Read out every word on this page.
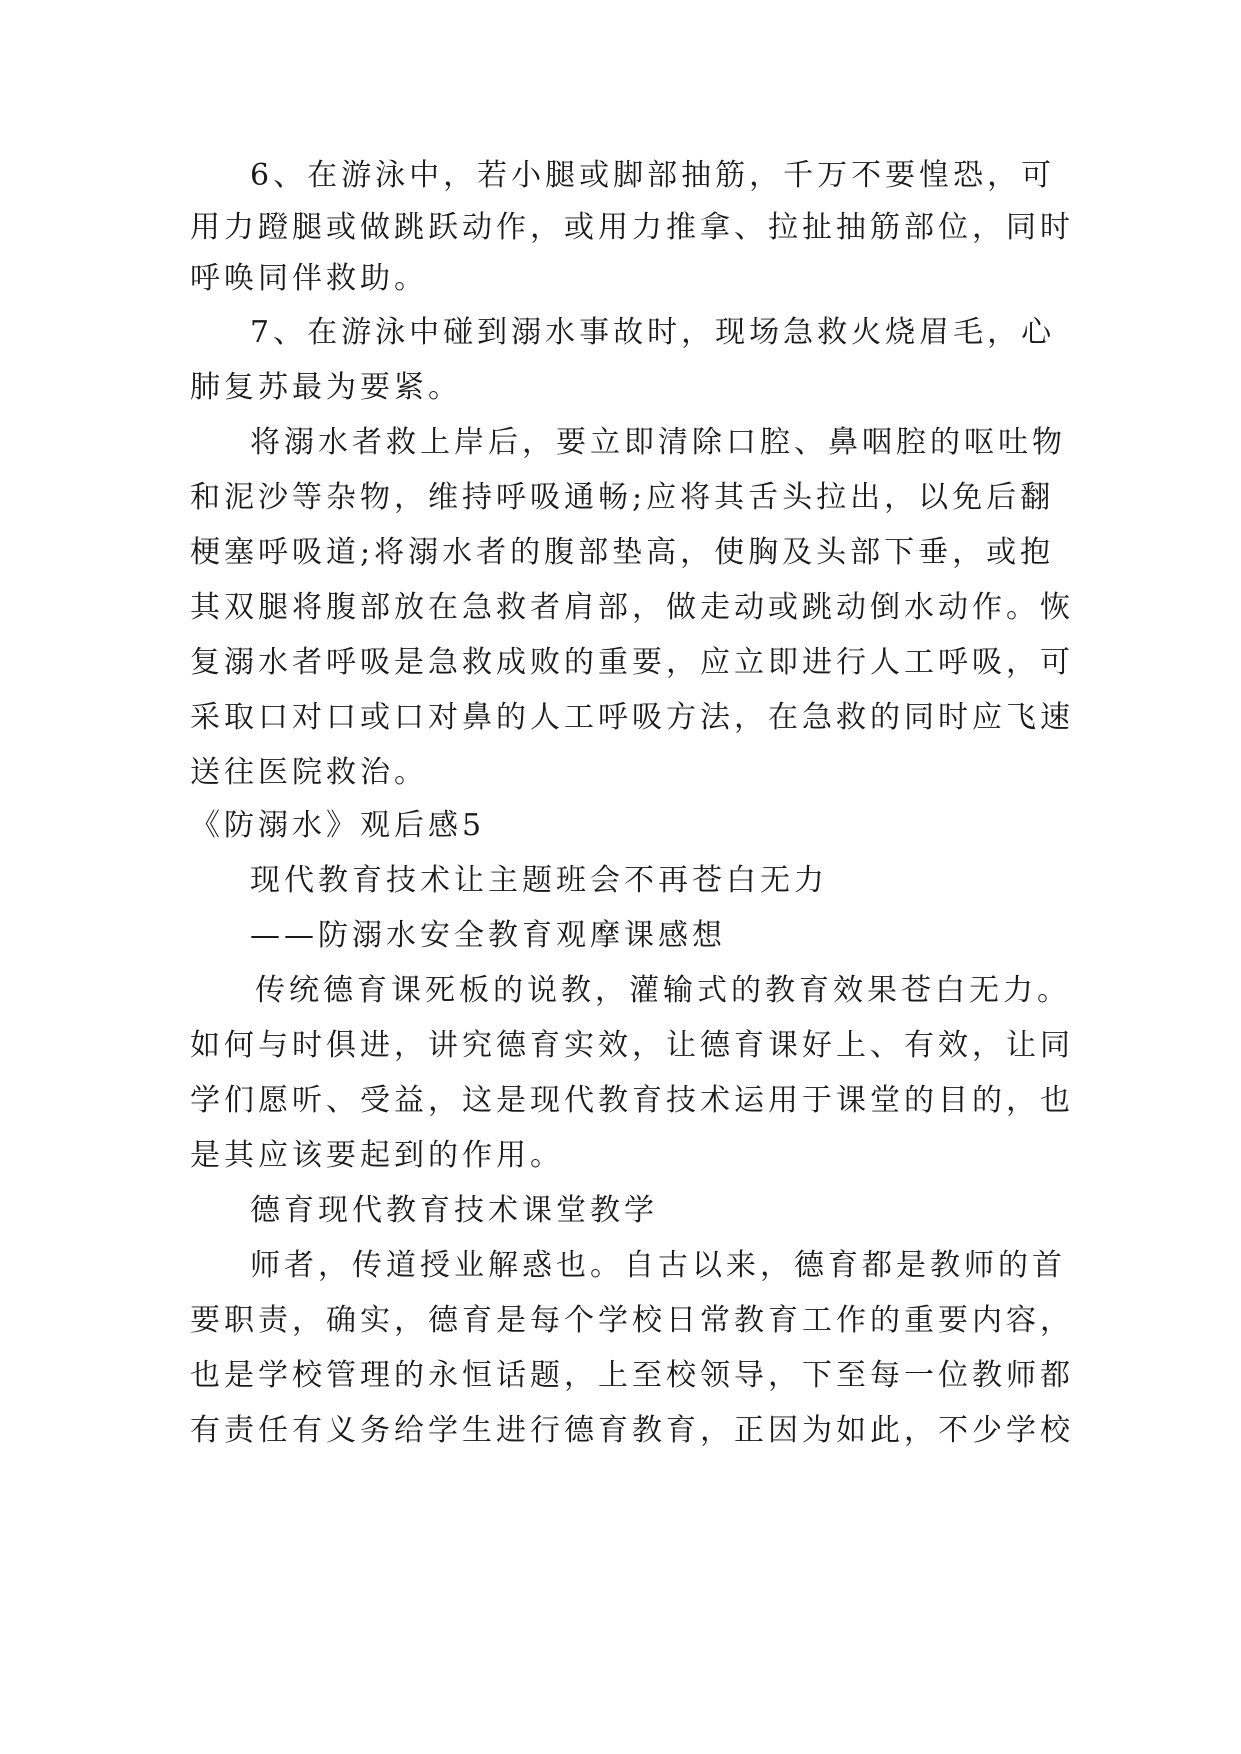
6、在游泳中，若小腿或脚部抽筋，千万不要惶恐，可
用力蹬腿或做跳跃动作，或用力推拿、拉扯抽筋部位，同时
呼唤同伴救助。
7、在游泳中碰到溺水事故时，现场急救火烧眉毛，心
肺复苏最为要紧。
将溺水者救上岸后，要立即清除口腔、鼻咽腔的呕吐物
和泥沙等杂物，维持呼吸通畅;应将其舌头拉出，以免后翻
梗塞呼吸道;将溺水者的腹部垫高，使胸及头部下垂，或抱
其双腿将腹部放在急救者肩部，做走动或跳动倒水动作。恢
复溺水者呼吸是急救成败的重要，应立即进行人工呼吸，可
采取口对口或口对鼻的人工呼吸方法，在急救的同时应飞速
送往医院救治。
《防溺水》观后感5
现代教育技术让主题班会不再苍白无力
——防溺水安全教育观摩课感想
传统德育课死板的说教，灌输式的教育效果苍白无力。
如何与时俱进，讲究德育实效，让德育课好上、有效，让同
学们愿听、受益，这是现代教育技术运用于课堂的目的，也
是其应该要起到的作用。
德育现代教育技术课堂教学
师者，传道授业解惑也。自古以来，德育都是教师的首
要职责，确实，德育是每个学校日常教育工作的重要内容，
也是学校管理的永恒话题，上至校领导，下至每一位教师都
有责任有义务给学生进行德育教育，正因为如此，不少学校
